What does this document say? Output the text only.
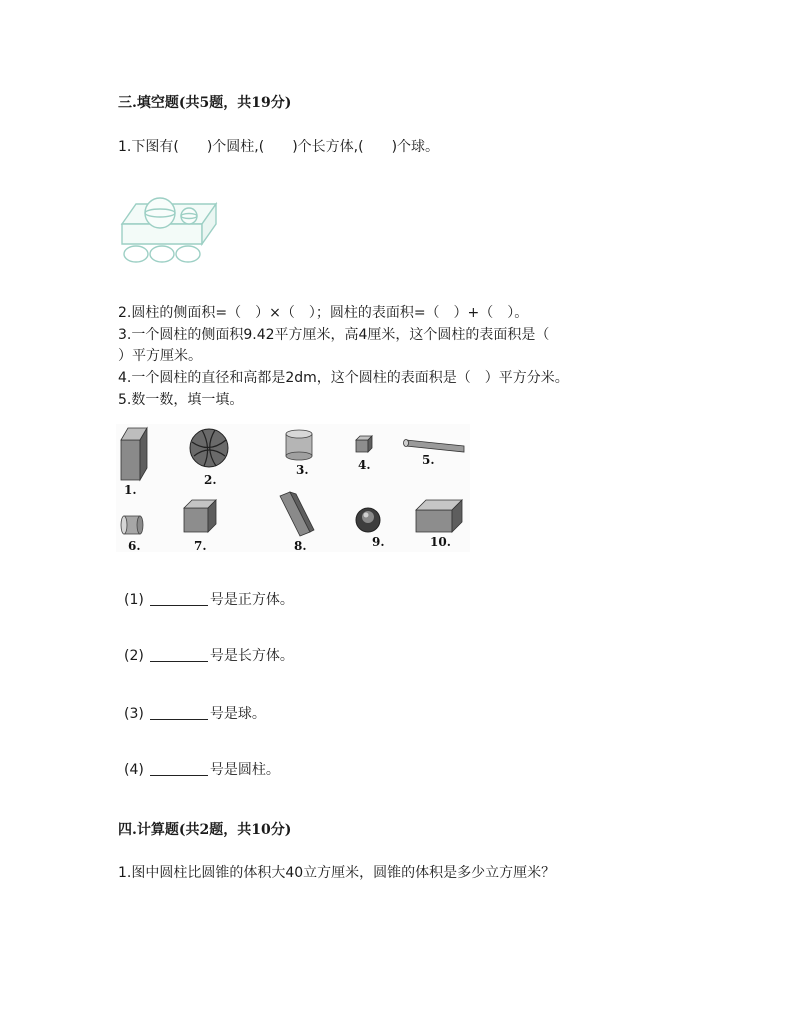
三.填空题(共5题，共19分)
1.下图有(　　)个圆柱,(　　)个长方体,(　　)个球。
2.圆柱的侧面积=（　）×（　）；圆柱的表面积=（　）+（　）。
3.一个圆柱的侧面积9.42平方厘米，高4厘米，这个圆柱的表面积是（
）平方厘米。
4.一个圆柱的直径和高都是2dm，这个圆柱的表面积是（　）平方分米。
5.数一数，填一填。
1.
2.
3.	4.	5.
6.	7.	8.	9.	10.
(1)	号是正方体。
(2)	号是长方体。
(3)	号是球。
(4)	号是圆柱。
四.计算题(共2题，共10分)
1.图中圆柱比圆锥的体积大40立方厘米，圆锥的体积是多少立方厘米？
